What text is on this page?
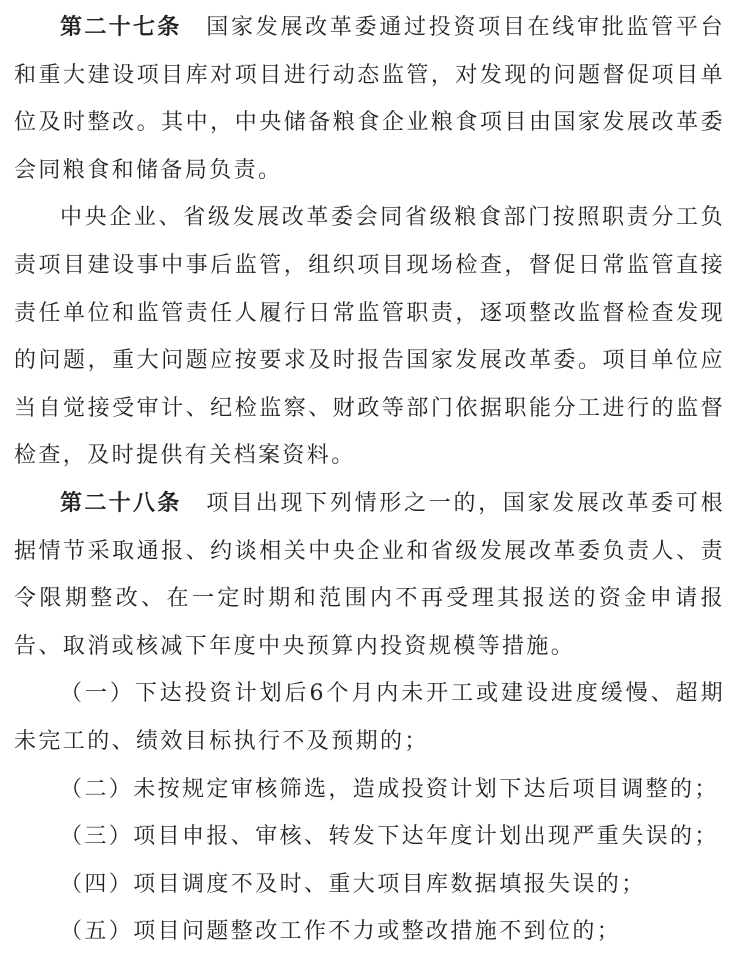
第二十七条　 国家发展改革委通过投资项目在线审批监管平台和重大建设项目库对项目进行动态监管，对发现的问题督促项目单位及时整改。其中，中央储备粮食企业粮食项目由国家发展改革委会同粮食和储备局负责。

中央企业、省级发展改革委会同省级粮食部门按照职责分工负责项目建设事中事后监管，组织项目现场检查，督促日常监管直接责任单位和监管责任人履行日常监管职责，逐项整改监督检查发现的问题，重大问题应按要求及时报告国家发展改革委。项目单位应当自觉接受审计、纪检监察、财政等部门依据职能分工进行的监督检查，及时提供有关档案资料。

第二十八条　 项目出现下列情形之一的，国家发展改革委可根据情节采取通报、约谈相关中央企业和省级发展改革委负责人、责令限期整改、在一定时期和范围内不再受理其报送的资金申请报告、取消或核减下年度中央预算内投资规模等措施。

（一）下达投资计划后6个月内未开工或建设进度缓慢、超期未完工的、绩效目标执行不及预期的；

（二）未按规定审核筛选，造成投资计划下达后项目调整的；

（三）项目申报、审核、转发下达年度计划出现严重失误的；

（四）项目调度不及时、重大项目库数据填报失误的；

（五）项目问题整改工作不力或整改措施不到位的；
